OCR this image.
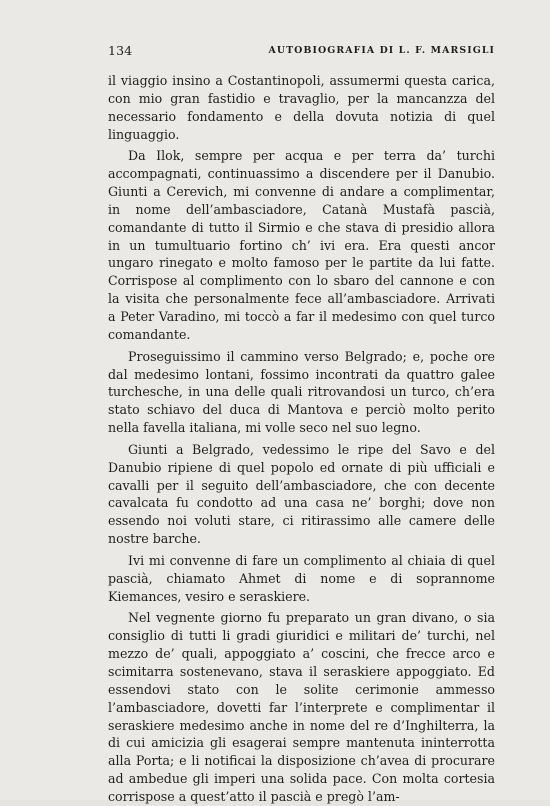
134	AUTOBIOGRAFIA DI L. F. MARSIGLI

il viaggio insino a Costantinopoli, assumermi questa carica, con mio gran fastidio e travaglio, per la mancanzza del necessario fondamento e della dovuta notizia di quel linguaggio.

Da Ilok, sempre per acqua e per terra da’ turchi accompagnati, continuassimo a discendere per il Danubio. Giunti a Cerevich, mi convenne di andare a complimentar, in nome dell’ambasciadore, Catanà Mustafà pascià, comandante di tutto il Sirmio e che stava di presidio allora in un tumultuario fortino ch’ ivi era. Era questi ancor ungaro rinegato e molto famoso per le partite da lui fatte. Corrispose al complimento con lo sbaro del cannone e con la visita che personalmente fece all’ambasciadore. Arrivati a Peter Varadino, mi toccò a far il medesimo con quel turco comandante.

Proseguissimo il cammino verso Belgrado; e, poche ore dal medesimo lontani, fossimo incontrati da quattro galee turchesche, in una delle quali ritrovandosi un turco, ch’era stato schiavo del duca di Mantova e perciò molto perito nella favella italiana, mi volle seco nel suo legno.

Giunti a Belgrado, vedessimo le ripe del Savo e del Danubio ripiene di quel popolo ed ornate di più ufficiali e cavalli per il seguito dell’ambasciadore, che con decente cavalcata fu condotto ad una casa ne’ borghi; dove non essendo noi voluti stare, ci ritirassimo alle camere delle nostre barche.

Ivi mi convenne di fare un complimento al chiaia di quel pascià, chiamato Ahmet di nome e di soprannome Kiemances, vesiro e seraskiere.

Nel vegnente giorno fu preparato un gran divano, o sia consiglio di tutti li gradi giuridici e militari de’ turchi, nel mezzo de’ quali, appoggiato a’ coscini, che frecce arco e scimitarra sostenevano, stava il seraskiere appoggiato. Ed essendovi stato con le solite cerimonie ammesso l’ambasciadore, dovetti far l’interprete e complimentar il seraskiere medesimo anche in nome del re d’Inghilterra, la di cui amicizia gli esagerai sempre mantenuta ininterrotta alla Porta; e li notificai la disposizione ch’avea di procurare ad ambedue gli imperi una solida pace. Con molta cortesia corrispose a quest’atto il pascià e pregò l’am-
